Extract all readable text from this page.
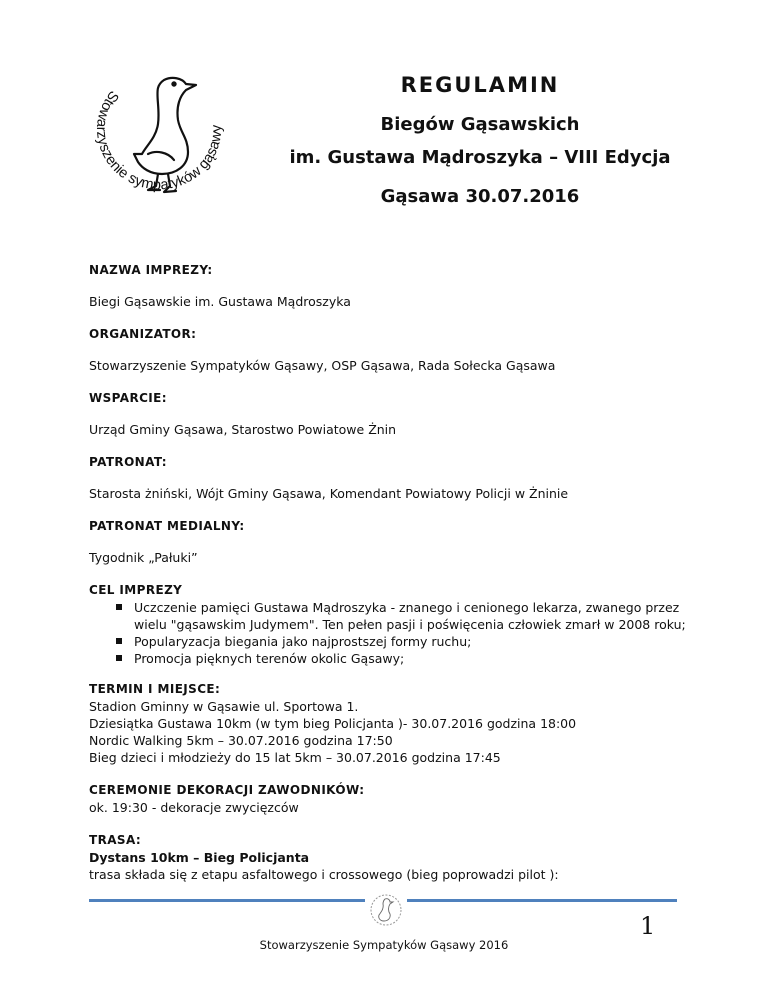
Stowarzyszenie sympatyków gąsawy
REGULAMIN
Biegów Gąsawskich
im. Gustawa Mądroszyka – VIII Edycja
Gąsawa 30.07.2016
NAZWA IMPREZY:
Biegi Gąsawskie im. Gustawa Mądroszyka
ORGANIZATOR:
Stowarzyszenie Sympatyków Gąsawy, OSP Gąsawa, Rada Sołecka Gąsawa
WSPARCIE:
Urząd Gminy Gąsawa, Starostwo Powiatowe Żnin
PATRONAT:
Starosta żniński, Wójt Gminy Gąsawa, Komendant Powiatowy Policji w Żninie
PATRONAT MEDIALNY:
Tygodnik „Pałuki”
CEL IMPREZY
Uczczenie pamięci Gustawa Mądroszyka - znanego i cenionego lekarza, zwanego przez wielu "gąsawskim Judymem". Ten pełen pasji i poświęcenia człowiek zmarł w 2008 roku;
Popularyzacja biegania jako najprostszej formy ruchu;
Promocja pięknych terenów okolic Gąsawy;
TERMIN I MIEJSCE:
Stadion Gminny w Gąsawie ul. Sportowa 1.
Dziesiątka Gustawa 10km (w tym bieg Policjanta )- 30.07.2016 godzina 18:00
Nordic Walking 5km – 30.07.2016 godzina 17:50
Bieg dzieci i młodzieży do 15 lat 5km – 30.07.2016 godzina 17:45
CEREMONIE DEKORACJI ZAWODNIKÓW:
ok. 19:30 - dekoracje zwycięzców
TRASA:
Dystans 10km – Bieg Policjanta
trasa składa się z etapu asfaltowego i crossowego (bieg poprowadzi pilot ):
1
Stowarzyszenie Sympatyków Gąsawy 2016
